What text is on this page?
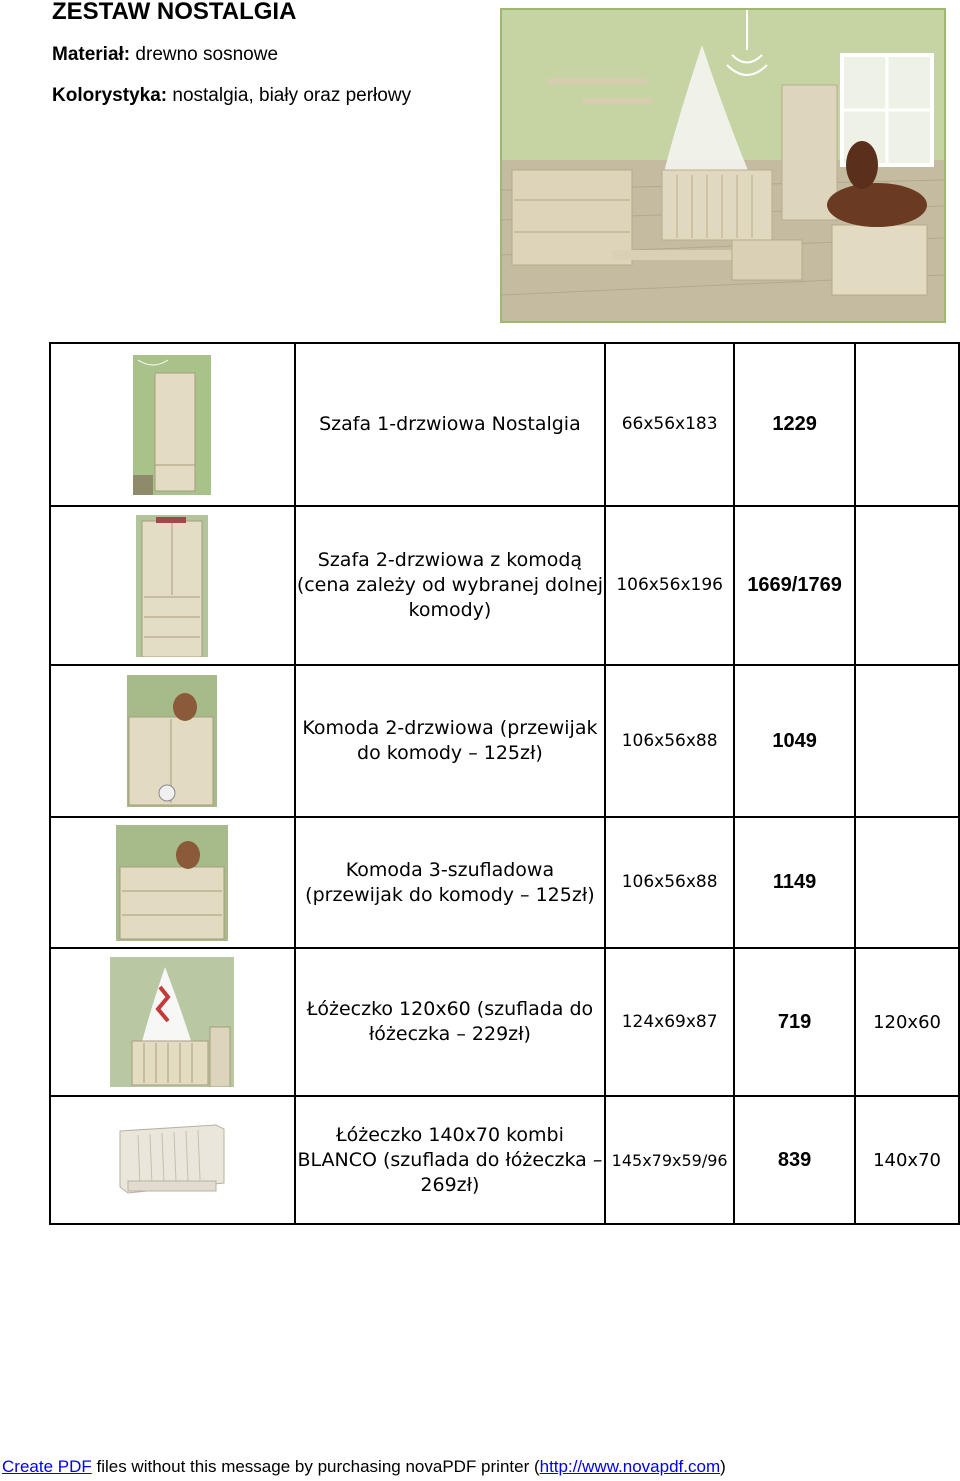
ZESTAW NOSTALGIA
Materiał: drewno sosnowe
Kolorystyka: nostalgia, biały oraz perłowy
	Szafa 1-drzwiowa Nostalgia	66x56x183	1229	

	Szafa 2-drzwiowa z komodą (cena zależy od wybranej dolnej komody)	106x56x196	1669/1769	

	Komoda 2-drzwiowa (przewijak do komody – 125zł)	106x56x88	1049	

	Komoda 3-szufladowa (przewijak do komody – 125zł)	106x56x88	1149	

	Łóżeczko 120x60 (szuflada do łóżeczka – 229zł)	124x69x87	719	120x60

	Łóżeczko 140x70 kombi BLANCO (szuflada do łóżeczka – 269zł)	145x79x59/96	839	140x70
Create PDF files without this message by purchasing novaPDF printer (http://www.novapdf.com)
